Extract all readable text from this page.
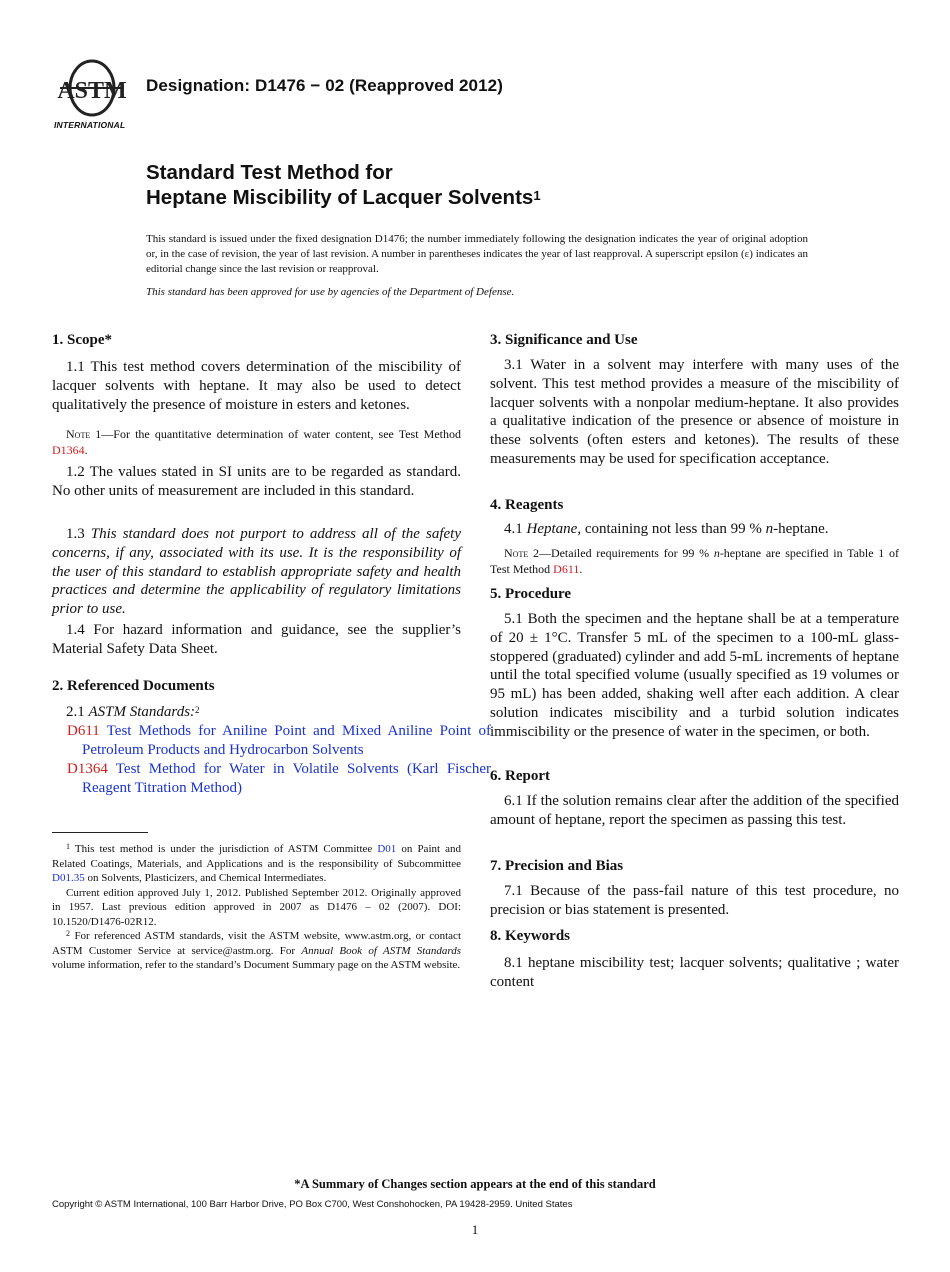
ASTM
INTERNATIONAL
Designation: D1476 − 02 (Reapproved 2012)
Standard Test Method for
Heptane Miscibility of Lacquer Solvents$^1$
This standard is issued under the fixed designation D1476; the number immediately following the designation indicates the year of original adoption or, in the case of revision, the year of last revision. A number in parentheses indicates the year of last reapproval. A superscript epsilon (ε) indicates an editorial change since the last revision or reapproval.
This standard has been approved for use by agencies of the Department of Defense.
1. Scope*

1.1 This test method covers determination of the miscibility of lacquer solvents with heptane. It may also be used to detect qualitatively the presence of moisture in esters and ketones.

Note 1—For the quantitative determination of water content, see Test Method D1364.

1.2 The values stated in SI units are to be regarded as standard. No other units of measurement are included in this standard.

1.3 This standard does not purport to address all of the safety concerns, if any, associated with its use. It is the responsibility of the user of this standard to establish appropriate safety and health practices and determine the applicability of regulatory limitations prior to use.

1.4 For hazard information and guidance, see the supplier’s Material Safety Data Sheet.

2. Referenced Documents

2.1 ASTM Standards:$^2$

D611 Test Methods for Aniline Point and Mixed Aniline Point of Petroleum Products and Hydrocarbon Solvents

D1364 Test Method for Water in Volatile Solvents (Karl Fischer Reagent Titration Method)

$^1$ This test method is under the jurisdiction of ASTM Committee D01 on Paint and Related Coatings, Materials, and Applications and is the responsibility of Subcommittee D01.35 on Solvents, Plasticizers, and Chemical Intermediates.

Current edition approved July 1, 2012. Published September 2012. Originally approved in 1957. Last previous edition approved in 2007 as D1476 – 02 (2007). DOI: 10.1520/D1476-02R12.

$^2$ For referenced ASTM standards, visit the ASTM website, www.astm.org, or contact ASTM Customer Service at service@astm.org. For Annual Book of ASTM Standards volume information, refer to the standard’s Document Summary page on the ASTM website.

3. Significance and Use

3.1 Water in a solvent may interfere with many uses of the solvent. This test method provides a measure of the miscibility of lacquer solvents with a nonpolar medium-heptane. It also provides a qualitative indication of the presence or absence of moisture in these solvents (often esters and ketones). The results of these measurements may be used for specification acceptance.

4. Reagents

4.1 Heptane, containing not less than 99 % n-heptane.

Note 2—Detailed requirements for 99 % n-heptane are specified in Table 1 of Test Method D611.

5. Procedure

5.1 Both the specimen and the heptane shall be at a temperature of 20 ± 1°C. Transfer 5 mL of the specimen to a 100-mL glass-stoppered (graduated) cylinder and add 5-mL increments of heptane until the total specified volume (usually specified as 19 volumes or 95 mL) has been added, shaking well after each addition. A clear solution indicates miscibility and a turbid solution indicates immiscibility or the presence of water in the specimen, or both.

6. Report

6.1 If the solution remains clear after the addition of the specified amount of heptane, report the specimen as passing this test.

7. Precision and Bias

7.1 Because of the pass-fail nature of this test procedure, no precision or bias statement is presented.

8. Keywords

8.1 heptane miscibility test; lacquer solvents; qualitative ; water content

*A Summary of Changes section appears at the end of this standard
Copyright © ASTM International, 100 Barr Harbor Drive, PO Box C700, West Conshohocken, PA 19428-2959. United States
1
